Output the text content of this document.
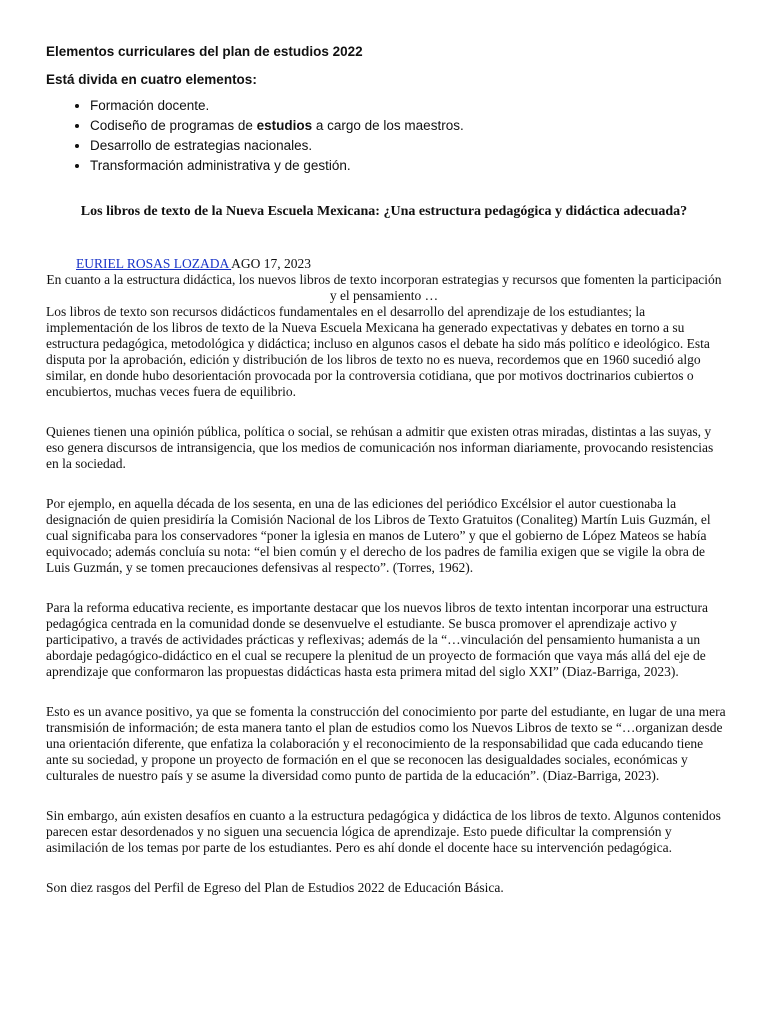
Elementos curriculares del plan de estudios 2022
Está divida en cuatro elementos:
• Formación docente.
• Codiseño de programas de estudios a cargo de los maestros.
• Desarrollo de estrategias nacionales.
• Transformación administrativa y de gestión.
Los libros de texto de la Nueva Escuela Mexicana: ¿Una estructura pedagógica y didáctica adecuada?
EURIEL ROSAS LOZADA AGO 17, 2023
En cuanto a la estructura didáctica, los nuevos libros de texto incorporan estrategias y recursos que fomenten la participación y el pensamiento …

Los libros de texto son recursos didácticos fundamentales en el desarrollo del aprendizaje de los estudiantes; la implementación de los libros de texto de la Nueva Escuela Mexicana ha generado expectativas y debates en torno a su estructura pedagógica, metodológica y didáctica; incluso en algunos casos el debate ha sido más político e ideológico. Esta disputa por la aprobación, edición y distribución de los libros de texto no es nueva, recordemos que en 1960 sucedió algo similar, en donde hubo desorientación provocada por la controversia cotidiana, que por motivos doctrinarios cubiertos o encubiertos, muchas veces fuera de equilibrio.

Quienes tienen una opinión pública, política o social, se rehúsan a admitir que existen otras miradas, distintas a las suyas, y eso genera discursos de intransigencia, que los medios de comunicación nos informan diariamente, provocando resistencias en la sociedad.

Por ejemplo, en aquella década de los sesenta, en una de las ediciones del periódico Excélsior el autor cuestionaba la designación de quien presidiría la Comisión Nacional de los Libros de Texto Gratuitos (Conaliteg) Martín Luis Guzmán, el cual significaba para los conservadores “poner la iglesia en manos de Lutero” y que el gobierno de López Mateos se había equivocado; además concluía su nota: “el bien común y el derecho de los padres de familia exigen que se vigile la obra de Luis Guzmán, y se tomen precauciones defensivas al respecto”. (Torres, 1962).

Para la reforma educativa reciente, es importante destacar que los nuevos libros de texto intentan incorporar una estructura pedagógica centrada en la comunidad donde se desenvuelve el estudiante. Se busca promover el aprendizaje activo y participativo, a través de actividades prácticas y reflexivas; además de la “…vinculación del pensamiento humanista a un abordaje pedagógico-didáctico en el cual se recupere la plenitud de un proyecto de formación que vaya más allá del eje de aprendizaje que conformaron las propuestas didácticas hasta esta primera mitad del siglo XXI” (Diaz-Barriga, 2023).

Esto es un avance positivo, ya que se fomenta la construcción del conocimiento por parte del estudiante, en lugar de una mera transmisión de información; de esta manera tanto el plan de estudios como los Nuevos Libros de texto se “…organizan desde una orientación diferente, que enfatiza la colaboración y el reconocimiento de la responsabilidad que cada educando tiene ante su sociedad, y propone un proyecto de formación en el que se reconocen las desigualdades sociales, económicas y culturales de nuestro país y se asume la diversidad como punto de partida de la educación”. (Diaz-Barriga, 2023).

Sin embargo, aún existen desafíos en cuanto a la estructura pedagógica y didáctica de los libros de texto. Algunos contenidos parecen estar desordenados y no siguen una secuencia lógica de aprendizaje. Esto puede dificultar la comprensión y asimilación de los temas por parte de los estudiantes. Pero es ahí donde el docente hace su intervención pedagógica.

Son diez rasgos del Perfil de Egreso del Plan de Estudios 2022 de Educación Básica.
